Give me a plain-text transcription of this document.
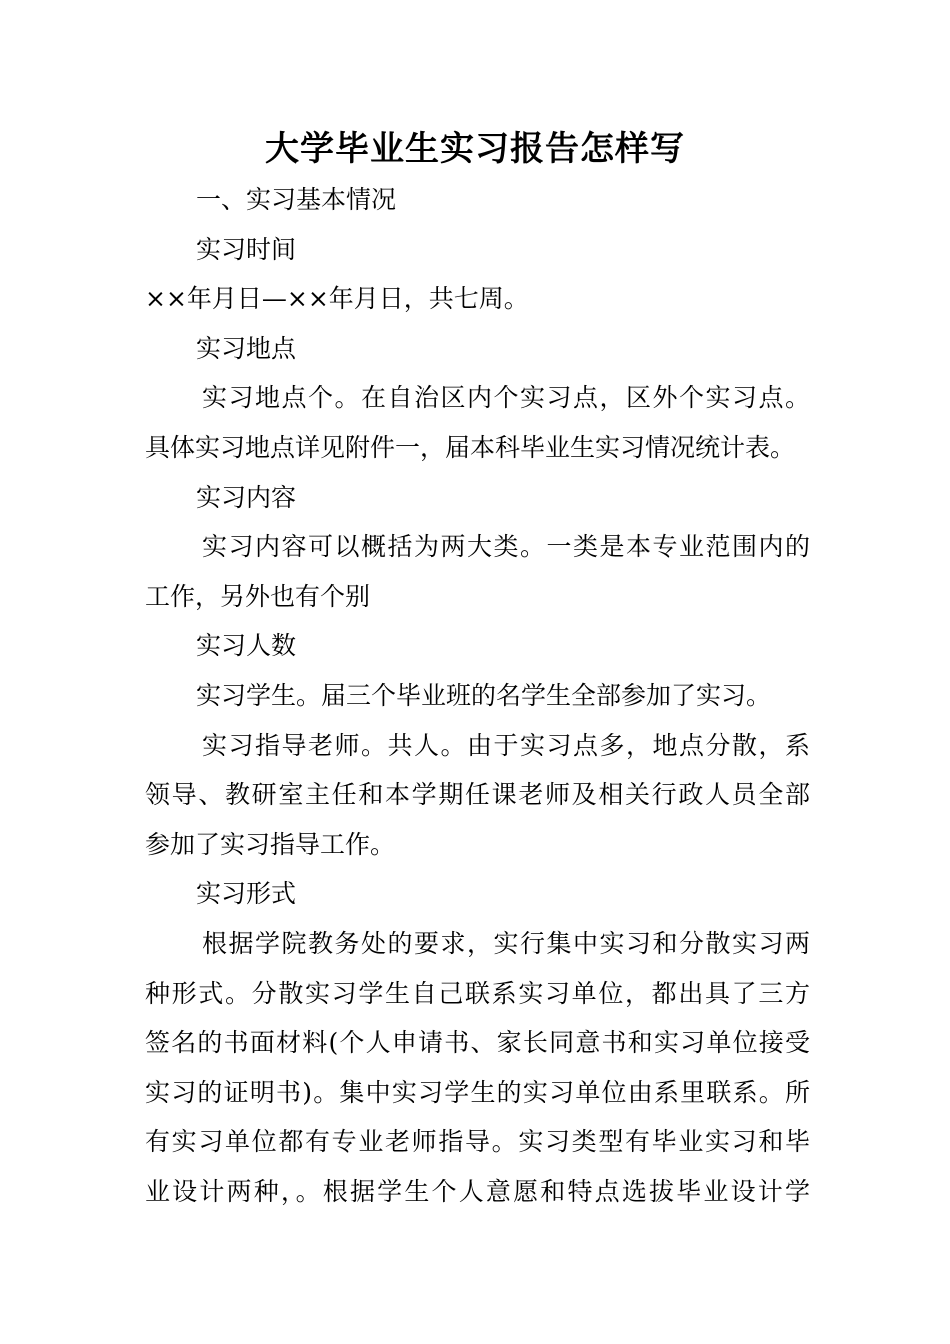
大学毕业生实习报告怎样写
一、实习基本情况
实习时间
××年月日—××年月日，共七周。
实习地点
实习地点个。在自治区内个实习点，区外个实习点。
具体实习地点详见附件一，届本科毕业生实习情况统计表。
实习内容
实习内容可以概括为两大类。一类是本专业范围内的
工作，另外也有个别
实习人数
实习学生。届三个毕业班的名学生全部参加了实习。
实习指导老师。共人。由于实习点多，地点分散，系
领导、教研室主任和本学期任课老师及相关行政人员全部
参加了实习指导工作。
实习形式
根据学院教务处的要求，实行集中实习和分散实习两
种形式。分散实习学生自己联系实习单位，都出具了三方
签名的书面材料(个人申请书、家长同意书和实习单位接受
实习的证明书)。集中实习学生的实习单位由系里联系。所
有实习单位都有专业老师指导。实习类型有毕业实习和毕
业设计两种，。根据学生个人意愿和特点选拔毕业设计学
